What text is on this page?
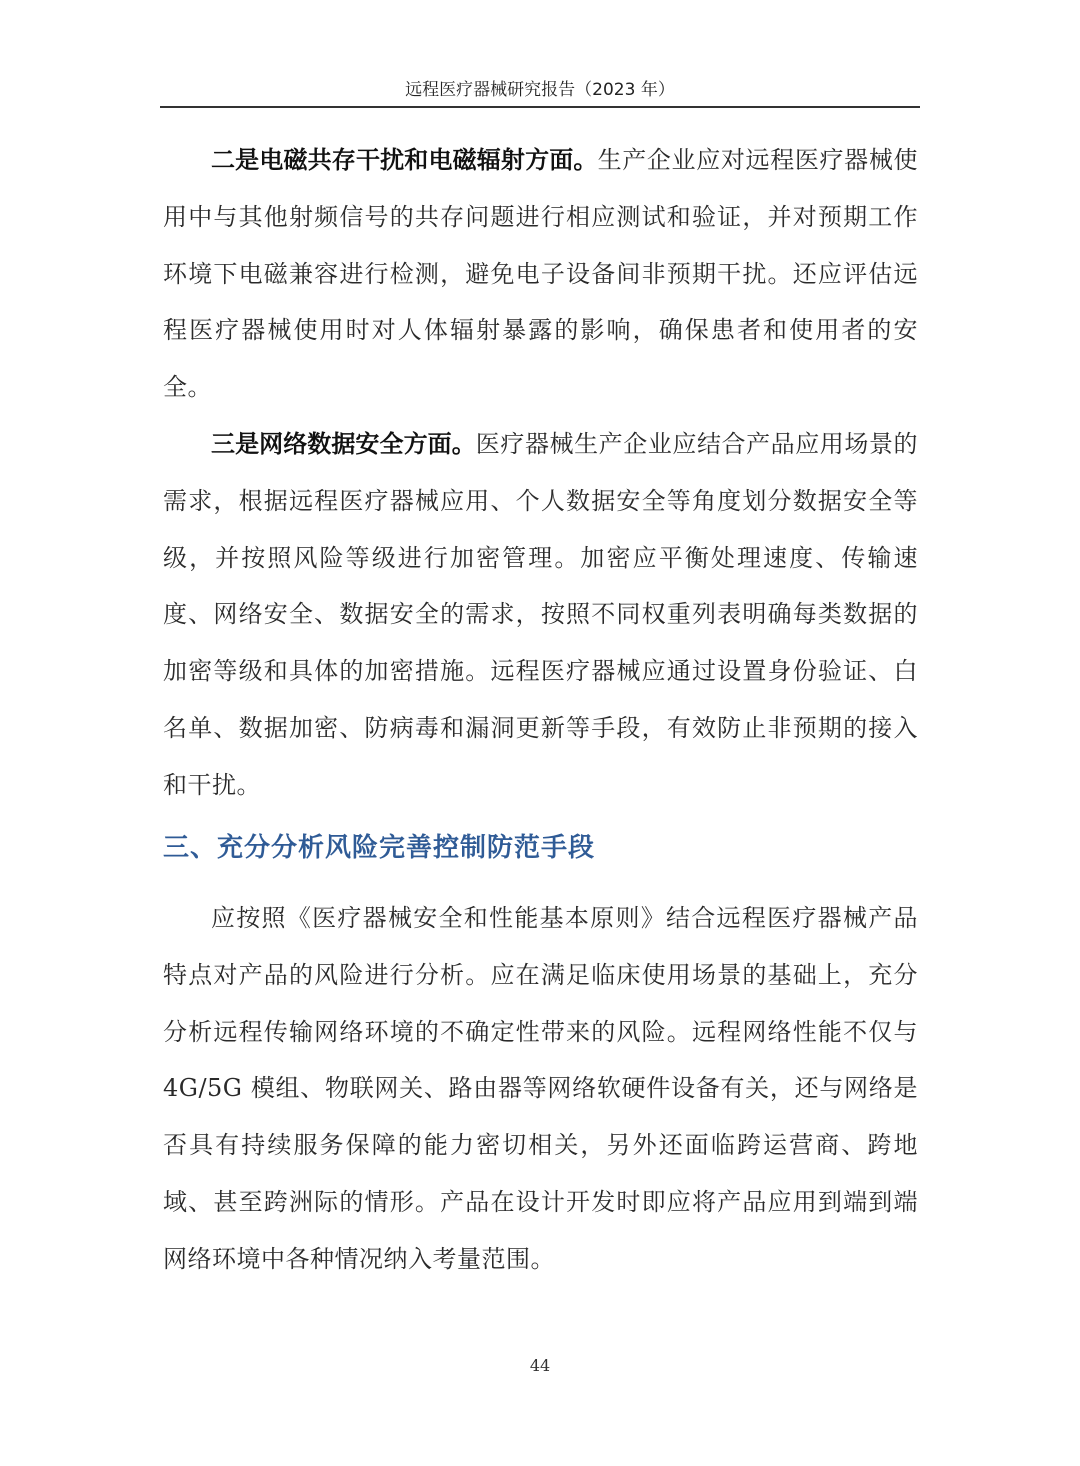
远程医疗器械研究报告（2023 年）

二是电磁共存干扰和电磁辐射方面。生产企业应对远程医疗器械使用中与其他射频信号的共存问题进行相应测试和验证，并对预期工作环境下电磁兼容进行检测，避免电子设备间非预期干扰。还应评估远程医疗器械使用时对人体辐射暴露的影响，确保患者和使用者的安全。

三是网络数据安全方面。医疗器械生产企业应结合产品应用场景的需求，根据远程医疗器械应用、个人数据安全等角度划分数据安全等级，并按照风险等级进行加密管理。加密应平衡处理速度、传输速度、网络安全、数据安全的需求，按照不同权重列表明确每类数据的加密等级和具体的加密措施。远程医疗器械应通过设置身份验证、白名单、数据加密、防病毒和漏洞更新等手段，有效防止非预期的接入和干扰。

三、充分分析风险完善控制防范手段

应按照《医疗器械安全和性能基本原则》结合远程医疗器械产品特点对产品的风险进行分析。应在满足临床使用场景的基础上，充分分析远程传输网络环境的不确定性带来的风险。远程网络性能不仅与 4G/5G 模组、物联网关、路由器等网络软硬件设备有关，还与网络是否具有持续服务保障的能力密切相关，另外还面临跨运营商、跨地域、甚至跨洲际的情形。产品在设计开发时即应将产品应用到端到端网络环境中各种情况纳入考量范围。

44
